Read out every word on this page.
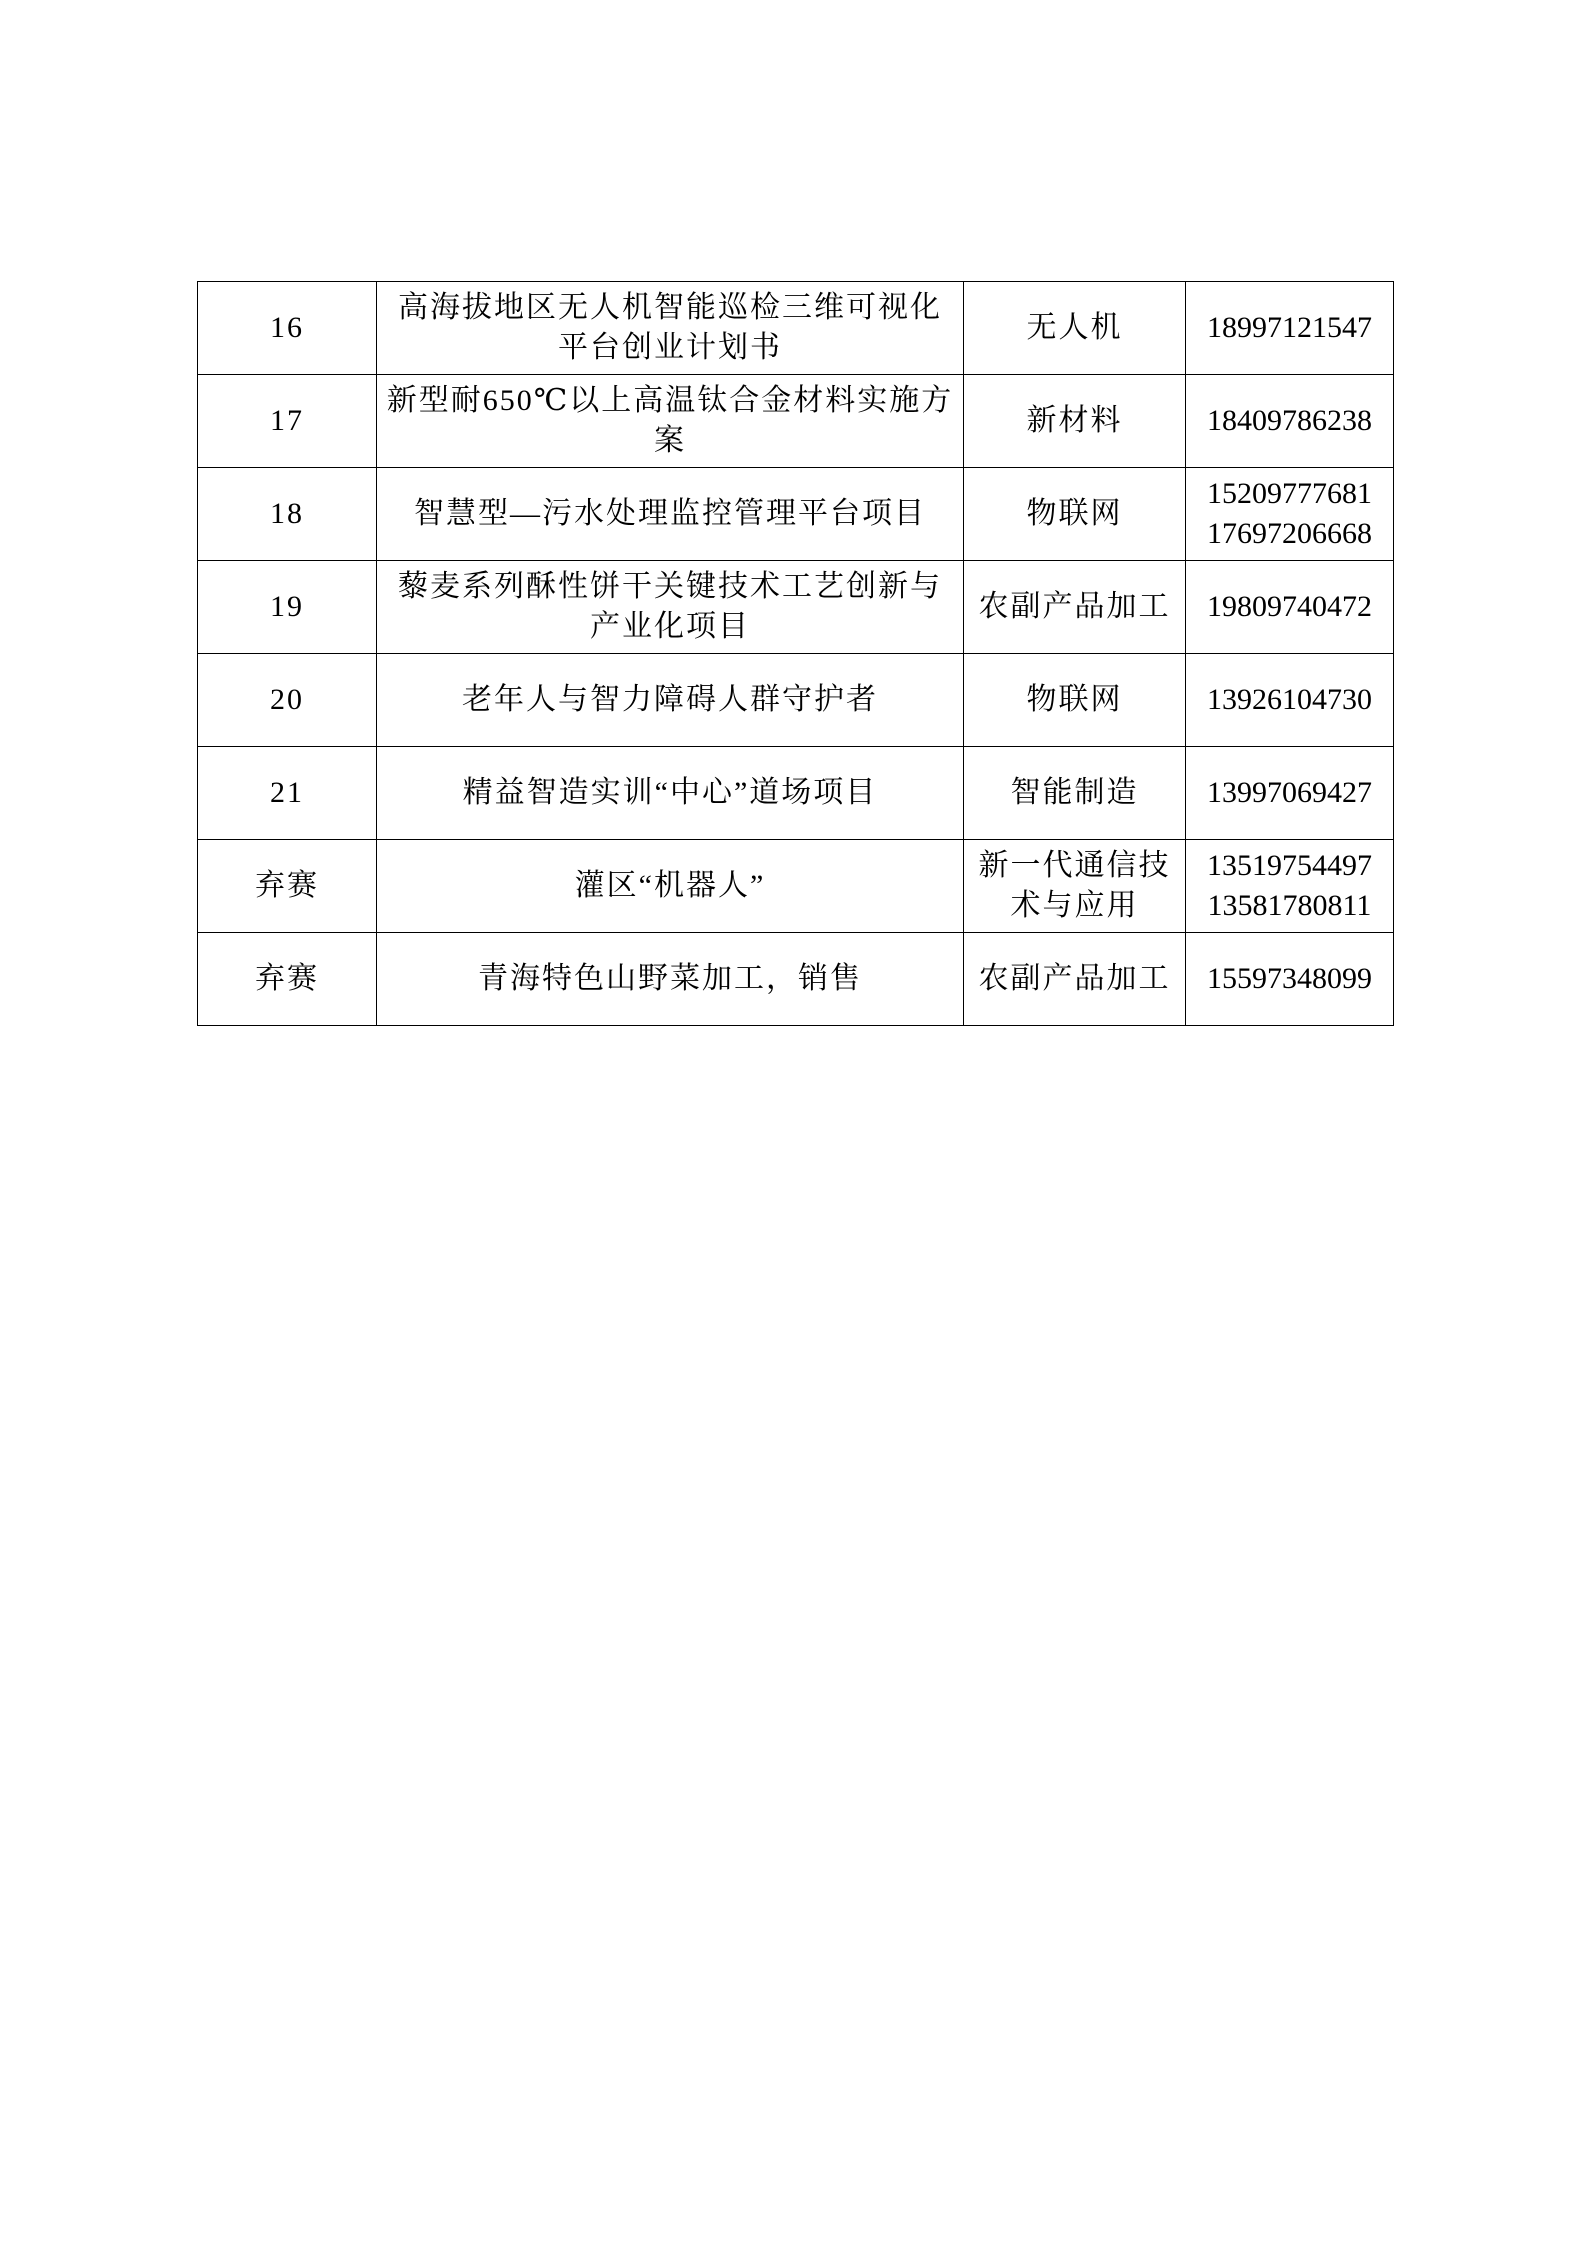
16	高海拔地区无人机智能巡检三维可视化
平台创业计划书	无人机	18997121547

17	新型耐650℃以上高温钛合金材料实施方案	新材料	18409786238

18	智慧型—污水处理监控管理平台项目	物联网	15209777681
17697206668

19	藜麦系列酥性饼干关键技术工艺创新与
产业化项目	农副产品加工	19809740472

20	老年人与智力障碍人群守护者	物联网	13926104730

21	精益智造实训“中心”道场项目	智能制造	13997069427

弃赛	灌区“机器人”	新一代通信技
术与应用	13519754497
13581780811

弃赛	青海特色山野菜加工，销售	农副产品加工	15597348099
